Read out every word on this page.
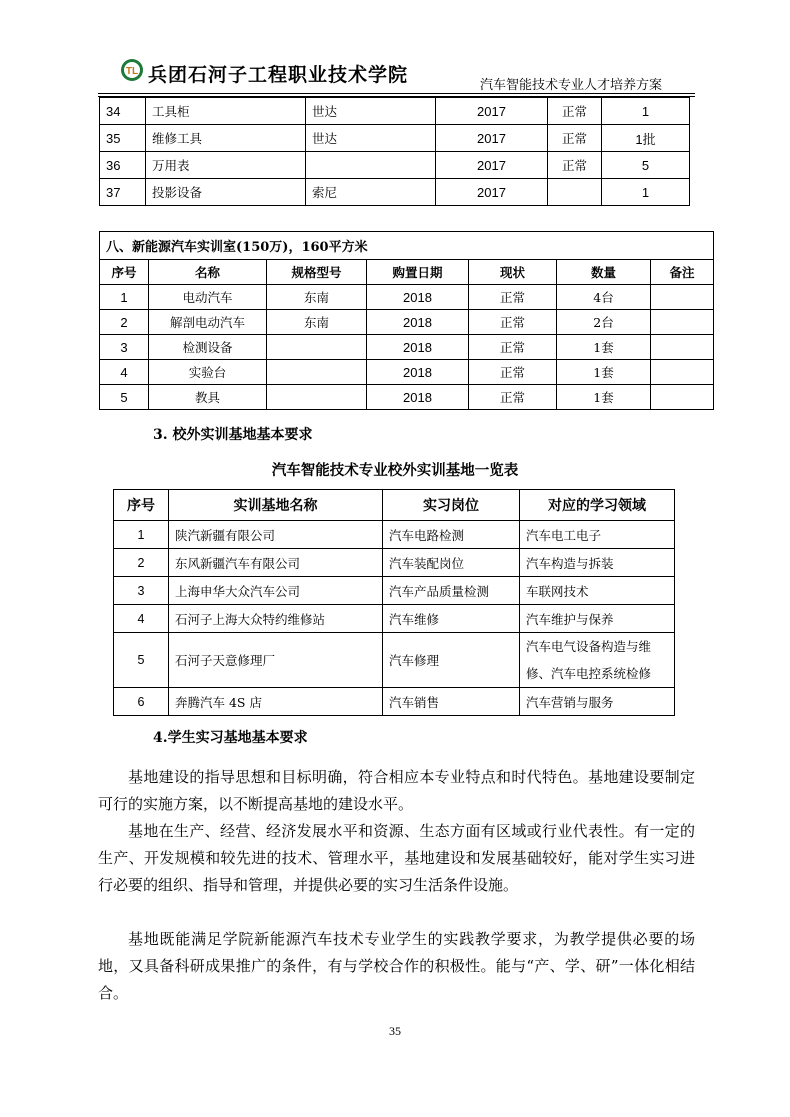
TL 兵团石河子工程职业技术学院	汽车智能技术专业人才培养方案
34	工具柜	世达	2017	正常	1
35	维修工具	世达	2017	正常	1批
36	万用表		2017	正常	5
37	投影设备	索尼	2017		1
八、新能源汽车实训室(150万)，160平方米						
序号	名称	规格型号	购置日期	现状	数量	备注
1	电动汽车	东南	2018	正常	4台	
2	解剖电动汽车	东南	2018	正常	2台	
3	检测设备		2018	正常	1套	
4	实验台		2018	正常	1套	
5	教具		2018	正常	1套	
3. 校外实训基地基本要求
汽车智能技术专业校外实训基地一览表
序号	实训基地名称	实习岗位	对应的学习领域
1	陕汽新疆有限公司	汽车电路检测	汽车电工电子
2	东风新疆汽车有限公司	汽车装配岗位	汽车构造与拆装
3	上海申华大众汽车公司	汽车产品质量检测	车联网技术
4	石河子上海大众特约维修站	汽车维修	汽车维护与保养
5	石河子天意修理厂	汽车修理	汽车电气设备构造与维修、汽车电控系统检修
6	奔腾汽车 4S 店	汽车销售	汽车营销与服务
4.学生实习基地基本要求
基地建设的指导思想和目标明确，符合相应本专业特点和时代特色。基地建设要制定可行的实施方案，以不断提高基地的建设水平。
基地在生产、经营、经济发展水平和资源、生态方面有区域或行业代表性。有一定的生产、开发规模和较先进的技术、管理水平，基地建设和发展基础较好，能对学生实习进行必要的组织、指导和管理，并提供必要的实习生活条件设施。
基地既能满足学院新能源汽车技术专业学生的实践教学要求，为教学提供必要的场地，又具备科研成果推广的条件，有与学校合作的积极性。能与“产、学、研”一体化相结合。
35
